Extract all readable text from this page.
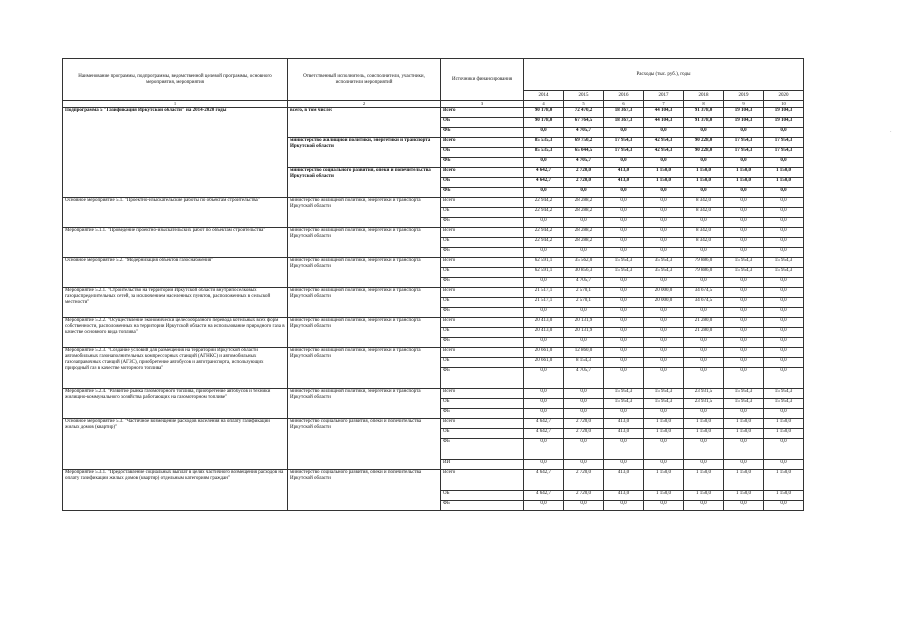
Наименование программы, подпрограммы, ведомственной целевой программы, основного мероприятия, мероприятия	Ответственный исполнитель, соисполнители, участники, исполнители мероприятий	Источники финансирования	Расходы (тыс. руб.), годы						
			2014	2015	2016	2017	2018	2019	2020
1	2	3	4	5	6	7	8	9	10
Подпрограмма 5 "Газификация Иркутской области" на 2014-2020 годы	всего, в том числе:	Всего	90 178,0	72 470,2	18 367,3	44 104,3	91 378,0	19 104,3	19 104,3
		ОБ	90 178,0	67 764,5	18 367,3	44 104,3	91 378,0	19 104,3	19 104,3
		ФБ	0,0	4 705,7	0,0	0,0	0,0	0,0	0,0
	министерство жилищной политики, энергетики и транспорта Иркутской области	Всего	85 535,3	69 750,2	17 954,3	42 954,3	90 228,0	17 954,3	17 954,3
		ОБ	85 535,3	65 044,5	17 954,3	42 954,3	90 228,0	17 954,3	17 954,3
		ФБ	0,0	4 705,7	0,0	0,0	0,0	0,0	0,0
	министерство социального развития, опеки и попечительства Иркутской области	Всего	4 642,7	2 720,0	413,0	1 150,0	1 150,0	1 150,0	1 150,0
		ОБ	4 642,7	2 720,0	413,0	1 150,0	1 150,0	1 150,0	1 150,0
		ФБ	0,0	0,0	0,0	0,0	0,0	0,0	0,0
Основное мероприятие 5.1. "Проектно-изыскательские работы по объектам строительства"	министерство жилищной политики, энергетики и транспорта Иркутской области	Всего	22 944,2	28 288,2	0,0	0,0	8 342,0	0,0	0,0
		ОБ	22 944,2	28 288,2	0,0	0,0	8 342,0	0,0	0,0
		ФБ	0,0	0,0	0,0	0,0	0,0	0,0	0,0
Мероприятие 5.1.1. "Проведение проектно-изыскательских работ по объектам строительства"	министерство жилищной политики, энергетики и транспорта Иркутской области	Всего	22 944,2	28 288,2	0,0	0,0	8 342,0	0,0	0,0
		ОБ	22 944,2	28 288,2	0,0	0,0	8 342,0	0,0	0,0
		ФБ	0,0	0,0	0,0	0,0	0,0	0,0	0,0
Основное мероприятие 5.2. "Модернизация объектов газоснабжения"	министерство жилищной политики, энергетики и транспорта Иркутской области	Всего	62 591,1	35 562,0	15 954,3	35 954,3	79 886,0	15 954,3	15 954,3
		ОБ	62 591,1	30 856,3	15 954,3	35 954,3	79 886,0	15 954,3	15 954,3
		ФБ	0,0	4 705,7	0,0	0,0	0,0	0,0	0,0
Мероприятие 5.2.1. "Строительство на территории Иркутской области внутрипоселковых газораспределительных сетей, за исключением населенных пунктов, расположенных в сельской местности"	министерство жилищной политики, энергетики и транспорта Иркутской области	Всего	21 517,1	2 570,1	0,0	20 000,0	34 674,5	0,0	0,0
		ОБ	21 517,1	2 570,1	0,0	20 000,0	34 674,5	0,0	0,0
		ФБ	0,0	0,0	0,0	0,0	0,0	0,0	0,0
Мероприятие 5.2.2. "Осуществление экономически целесообразного перевода котельных всех форм собственности, расположенных на территории Иркутской области на использование природного газа в качестве основного вида топлива"	министерство жилищной политики, энергетики и транспорта Иркутской области	Всего	20 413,0	20 131,9	0,0	0,0	21 280,0	0,0	0,0
		ОБ	20 413,0	20 131,9	0,0	0,0	21 280,0	0,0	0,0
		ФБ	0,0	0,0	0,0	0,0	0,0	0,0	0,0
Мероприятие 5.2.3. "Создание условий для размещения на территории Иркутской области автомобильных газонаполнительных компрессорных станций (АГНКС) и автомобильных газозаправочных станций (АГЗС), приобретение автобусов и автотранспорта, использующих природный газ в качестве моторного топлива"	министерство жилищной политики, энергетики и транспорта Иркутской области	Всего	20 661,0	12 860,0	0,0	0,0	0,0	0,0	0,0
		ОБ	20 661,0	8 154,3	0,0	0,0	0,0	0,0	0,0
		ФБ	0,0	4 705,7	0,0	0,0	0,0	0,0	0,0
Мероприятие 5.2.4. "Развитие рынка газомоторного топлива, приобретение автобусов и техники жилищно-коммунального хозяйства работающих на газомоторном топливе"	министерство жилищной политики, энергетики и транспорта Иркутской области	Всего	0,0	0,0	15 954,3	15 954,3	23 931,5	15 954,3	15 954,3
		ОБ	0,0	0,0	15 954,3	15 954,3	23 931,5	15 954,3	15 954,3
		ФБ	0,0	0,0	0,0	0,0	0,0	0,0	0,0
Основное мероприятие 5.3. "Частичное возмещение расходов населения на оплату газификации жилых домов (квартир)"	министерство социального развития, опеки и попечительства Иркутской области	Всего	4 642,7	2 720,0	413,0	1 150,0	1 150,0	1 150,0	1 150,0
		ОБ	4 642,7	2 720,0	413,0	1 150,0	1 150,0	1 150,0	1 150,0
		ФБ	0,0	0,0	0,0	0,0	0,0	0,0	0,0
		ИИ	0,0	0,0	0,0	0,0	0,0	0,0	0,0
Мероприятие 5.3.1. "Предоставление социальных выплат в целях частичного возмещения расходов на оплату газификации жилых домов (квартир) отдельным категориям граждан"	министерство социального развития, опеки и попечительства Иркутской области	Всего	4 642,7	2 720,0	413,0	1 150,0	1 150,0	1 150,0	1 150,0
		ОБ	4 642,7	2 720,0	413,0	1 150,0	1 150,0	1 150,0	1 150,0
		ФБ	0,0	0,0	0,0	0,0	0,0	0,0	0,0
·
